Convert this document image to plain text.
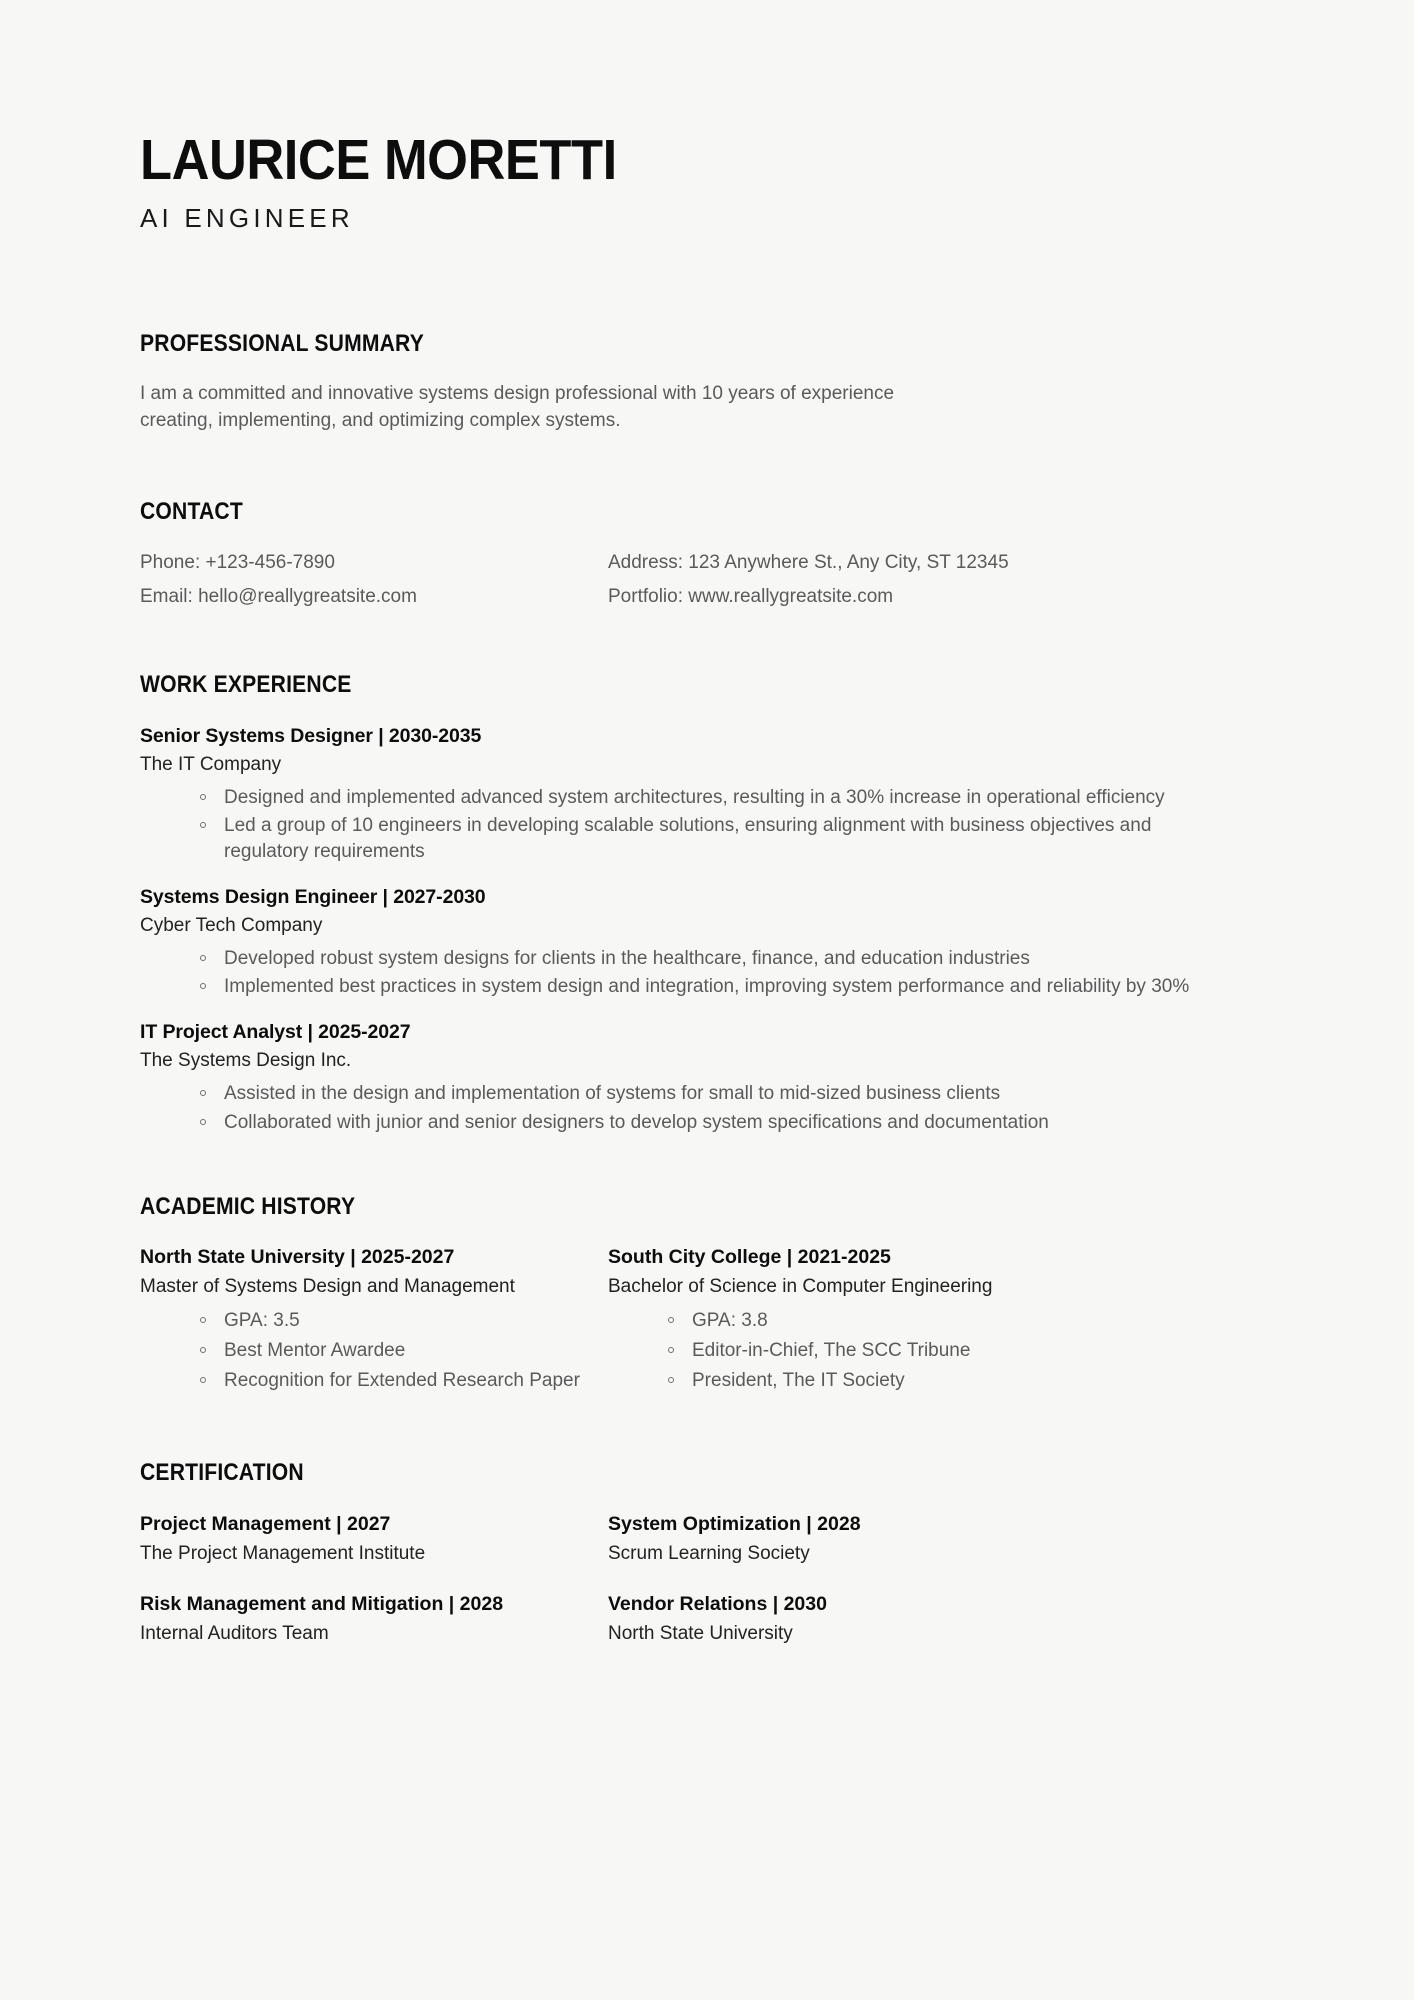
LAURICE MORETTI
AI ENGINEER
PROFESSIONAL SUMMARY

I am a committed and innovative systems design professional with 10 years of experience creating, implementing, and optimizing complex systems.

CONTACT
Phone: +123-456-7890
Email: hello@reallygreatsite.com
Address: 123 Anywhere St., Any City, ST 12345
Portfolio: www.reallygreatsite.com
WORK EXPERIENCE
Senior Systems Designer | 2030-2035
The IT Company
Designed and implemented advanced system architectures, resulting in a 30% increase in operational efficiency
Led a group of 10 engineers in developing scalable solutions, ensuring alignment with business objectives and regulatory requirements
Systems Design Engineer | 2027-2030
Cyber Tech Company
Developed robust system designs for clients in the healthcare, finance, and education industries
Implemented best practices in system design and integration, improving system performance and reliability by 30%
IT Project Analyst | 2025-2027
The Systems Design Inc.
Assisted in the design and implementation of systems for small to mid-sized business clients
Collaborated with junior and senior designers to develop system specifications and documentation
ACADEMIC HISTORY
North State University | 2025-2027
Master of Systems Design and Management
GPA: 3.5
Best Mentor Awardee
Recognition for Extended Research Paper
South City College | 2021-2025
Bachelor of Science in Computer Engineering
GPA: 3.8
Editor-in-Chief, The SCC Tribune
President, The IT Society
CERTIFICATION
Project Management | 2027
The Project Management Institute
System Optimization | 2028
Scrum Learning Society
Risk Management and Mitigation | 2028
Internal Auditors Team
Vendor Relations | 2030
North State University
